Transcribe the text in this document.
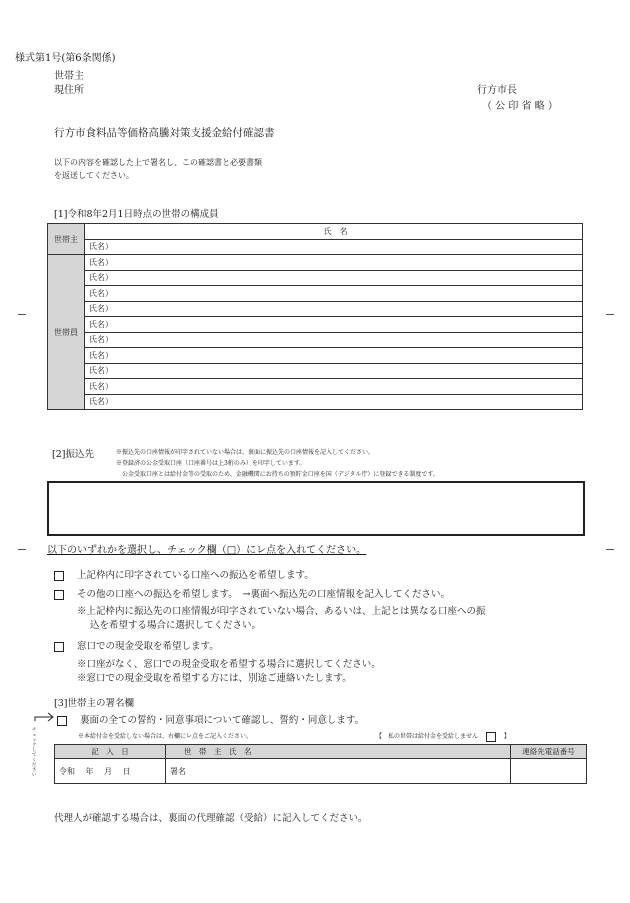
様式第1号(第6条関係)
世帯主
現住所	行方市長
（ 公 印 省 略 ）
行方市食料品等価格高騰対策支援金給付確認書
以下の内容を確認した上で署名し、この確認書と必要書類
を返送してください。
[1]令和8年2月1日時点の世帯の構成員
世帯主	氏　名
	氏名）
世帯員	氏名）
	氏名）
	氏名）
	氏名）
	氏名）
	氏名）
	氏名）
	氏名）
	氏名）
	氏名）
[2]振込先	※振込先の口座情報が印字されていない場合は、裏面に振込先の口座情報を記入してください。
※登録済の公金受取口座（口座番号は上3桁のみ）を印字しています。
公金受取口座とは給付金等の受取のため、金融機関にお持ちの預貯金口座を国（デジタル庁）に登録できる制度です。
以下のいずれかを選択し、チェック欄（□）にレ点を入れてください。
上記枠内に印字されている口座への振込を希望します。
その他の口座への振込を希望します。　→裏面へ振込先の口座情報を記入してください。
※上記枠内に振込先の口座情報が印字されていない場合、あるいは、上記とは異なる口座への振
込を希望する場合に選択してください。
窓口での現金受取を希望します。
※口座がなく、窓口での現金受取を希望する場合に選択してください。
※窓口での現金受取を希望する方には、別途ご連絡いたします。
[3]世帯主の署名欄
裏面の全ての誓約・同意事項について確認し、誓約・同意します。
チェックしてください
※本給付金を受給しない場合は、右欄にレ点をご記入ください。	【　私の世帯は給付金を受給しません	】
記　入　日	世　帯　主　氏　名	連絡先電話番号
令和　 年　 月　 日	署名	
代理人が確認する場合は、裏面の代理確認（受給）に記入してください。
